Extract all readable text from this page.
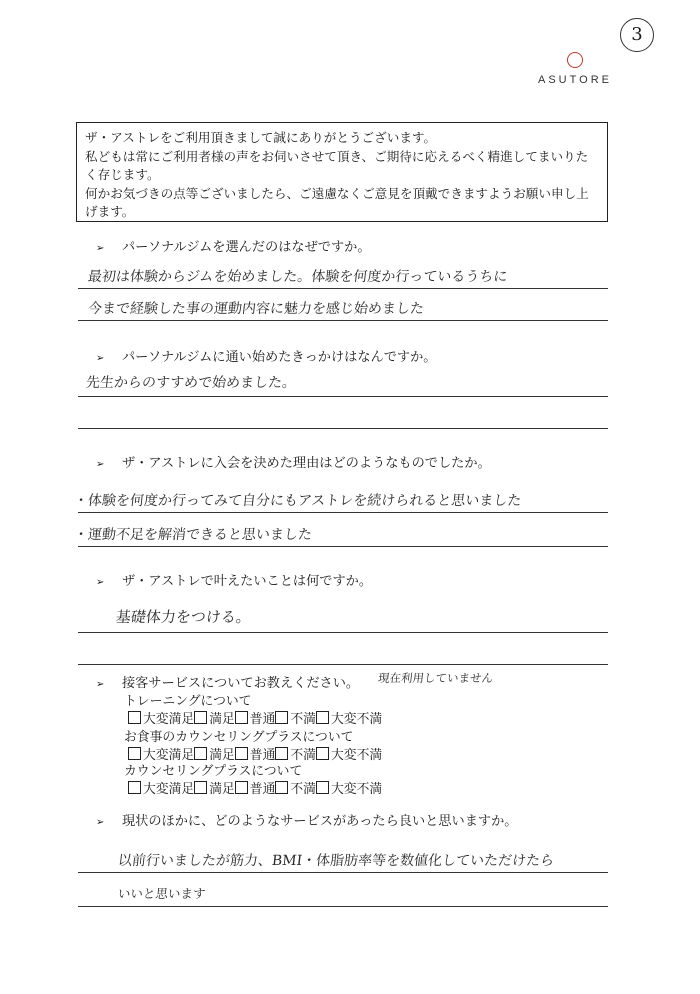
3
ASUTORE
ザ・アストレをご利用頂きまして誠にありがとうございます。
私どもは常にご利用者様の声をお伺いさせて頂き、ご期待に応えるべく精進してまいりた
く存じます。
何かお気づきの点等ございましたら、ご遠慮なくご意見を頂戴できますようお願い申し上
げます。
➢ パーソナルジムを選んだのはなぜですか。
最初は体験からジムを始めました。体験を何度か行っているうちに
今まで経験した事の運動内容に魅力を感じ始めました
➢ パーソナルジムに通い始めたきっかけはなんですか。
先生からのすすめで始めました。
➢ ザ・アストレに入会を決めた理由はどのようなものでしたか。
・体験を何度か行ってみて自分にもアストレを続けられると思いました
・運動不足を解消できると思いました
➢ ザ・アストレで叶えたいことは何ですか。
基礎体力をつける。
➢ 接客サービスについてお教えください。 現在利用していません
トレーニングについて
大変満足 満足 普通 不満 大変不満
お食事のカウンセリングプラスについて
大変満足 満足 普通 不満 大変不満
カウンセリングプラスについて
大変満足 満足 普通 不満 大変不満
➢ 現状のほかに、どのようなサービスがあったら良いと思いますか。
以前行いましたが筋力、BMI・体脂肪率等を数値化していただけたら
いいと思います
